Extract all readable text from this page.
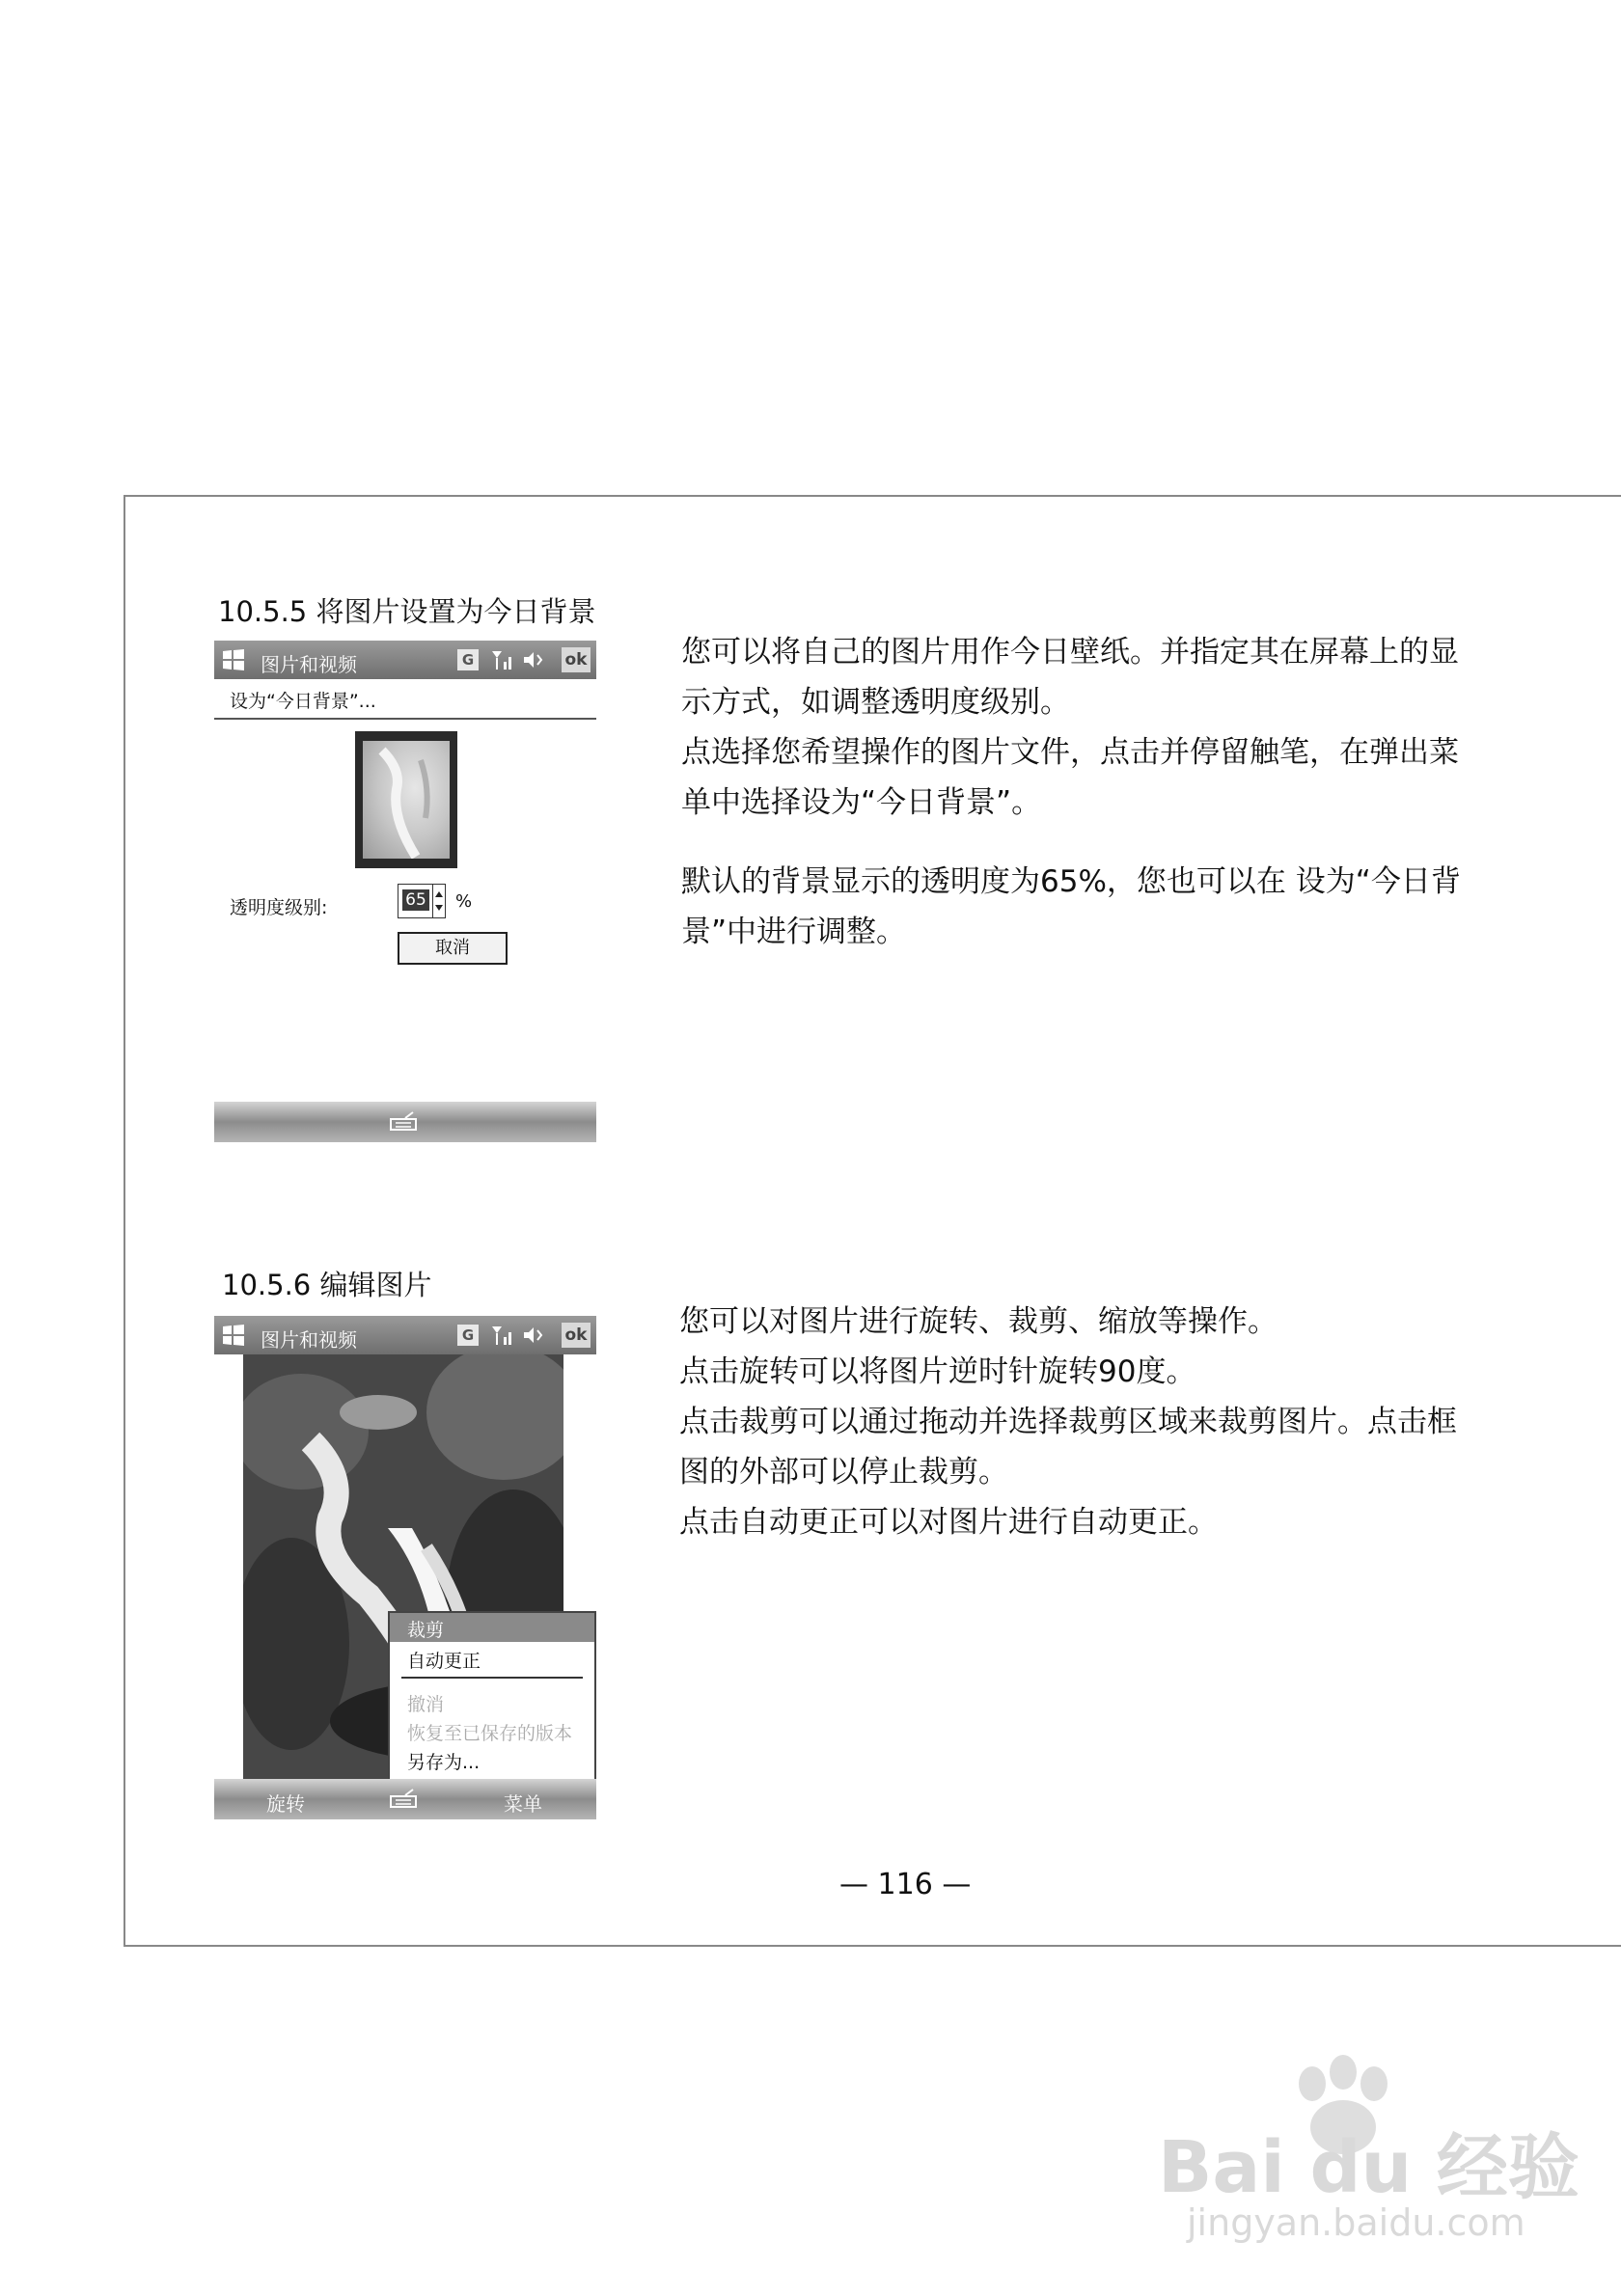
10.5.5 将图片设置为今日背景
图片和视频	G	ok
设为“今日背景”...
透明度级别:	65 %
取消

您可以将自己的图片用作今日壁纸。并指定其在屏幕上的显

示方式，如调整透明度级别。

点选择您希望操作的图片文件，点击并停留触笔，在弹出菜

单中选择设为“今日背景”。

默认的背景显示的透明度为65%，您也可以在 设为“今日背

景”中进行调整。

10.5.6 编辑图片
图片和视频	G	ok
裁剪
自动更正
撤消
恢复至已保存的版本
另存为...
旋转	菜单

您可以对图片进行旋转、裁剪、缩放等操作。

点击旋转可以将图片逆时针旋转90度。

点击裁剪可以通过拖动并选择裁剪区域来裁剪图片。点击框

图的外部可以停止裁剪。

点击自动更正可以对图片进行自动更正。

— 116 —
Bai du 经验
jingyan.baidu.com
